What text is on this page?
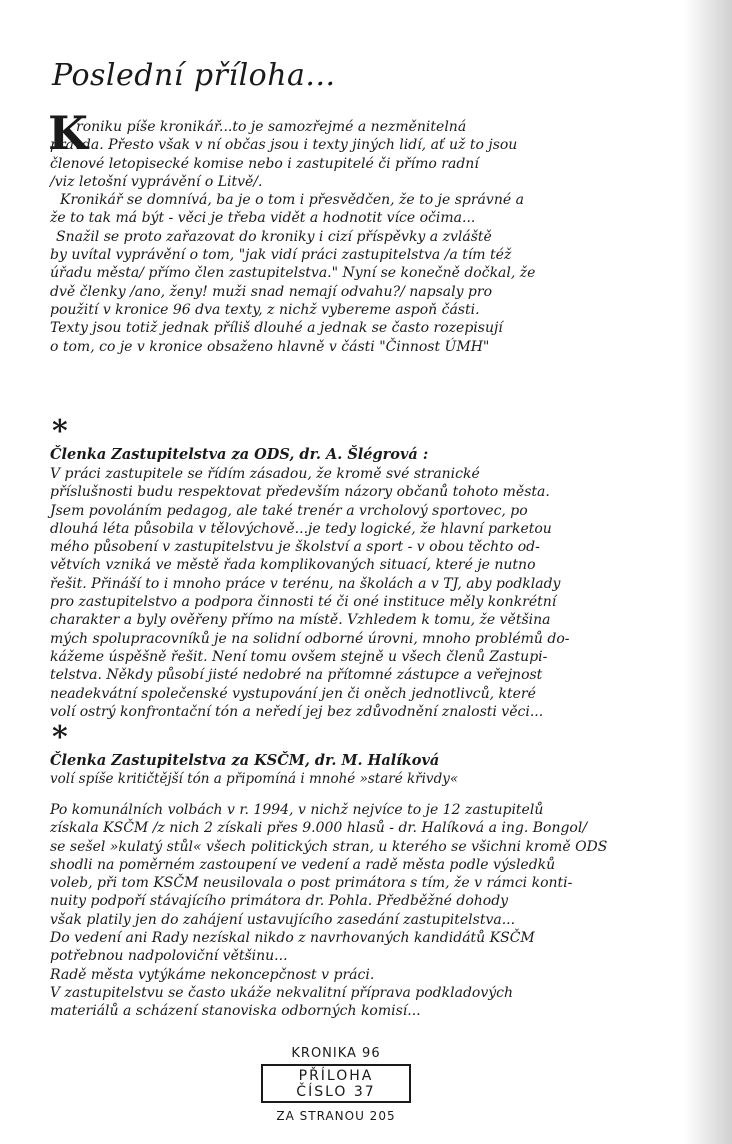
Poslední příloha...
K

roniku píše kronikář...to je samozřejmé a nezměnitelná

pravda. Přesto však v ní občas jsou i texty jiných lidí, ať už to jsou

členové letopisecké komise nebo i zastupitelé či přímo radní

/viz letošní vyprávění o Litvě/.

Kronikář se domnívá, ba je o tom i přesvědčen, že to je správné a

že to tak má být - věci je třeba vidět a hodnotit více očima...

Snažil se proto zařazovat do kroniky i cizí příspěvky a zvláště

by uvítal vyprávění o tom, "jak vidí práci zastupitelstva /a tím též

úřadu města/ přímo člen zastupitelstva." Nyní se konečně dočkal, že

dvě členky /ano, ženy! muži snad nemají odvahu?/ napsaly pro

použití v kronice 96 dva texty, z nichž vybereme aspoň části.

Texty jsou totiž jednak příliš dlouhé a jednak se často rozepisují

o tom, co je v kronice obsaženo hlavně v části "Činnost ÚMH"

*
Členka Zastupitelstva za ODS, dr. A. Šlégrová :

V práci zastupitele se řídím zásadou, že kromě své stranické

příslušnosti budu respektovat především názory občanů tohoto města.

Jsem povoláním pedagog, ale také trenér a vrcholový sportovec, po

dlouhá léta působila v tělovýchově...je tedy logické, že hlavní parketou

mého působení v zastupitelstvu je školství a sport - v obou těchto od-

větvích vzniká ve městě řada komplikovaných situací, které je nutno

řešit. Přináší to i mnoho práce v terénu, na školách a v TJ, aby podklady

pro zastupitelstvo a podpora činnosti té či oné instituce měly konkrétní

charakter a byly ověřeny přímo na místě. Vzhledem k tomu, že většina

mých spolupracovníků je na solidní odborné úrovni, mnoho problémů do-

kážeme úspěšně řešit. Není tomu ovšem stejně u všech členů Zastupi-

telstva. Někdy působí jisté nedobré na přítomné zástupce a veřejnost

neadekvátní společenské vystupování jen či oněch jednotlivců, které

volí ostrý konfrontační tón a neředí jej bez zdůvodnění znalosti věci...

*
Členka Zastupitelstva za KSČM, dr. M. Halíková
volí spíše kritičtější tón a připomíná i mnohé »staré křivdy«

Po komunálních volbách v r. 1994, v nichž nejvíce to je 12 zastupitelů

získala KSČM /z nich 2 získali přes 9.000 hlasů - dr. Halíková a ing. Bongol/

se sešel »kulatý stůl« všech politických stran, u kterého se všichni kromě ODS

shodli na poměrném zastoupení ve vedení a radě města podle výsledků

voleb, při tom KSČM neusilovala o post primátora s tím, že v rámci konti-

nuity podpoří stávajícího primátora dr. Pohla. Předběžné dohody

však platily jen do zahájení ustavujícího zasedání zastupitelstva...

Do vedení ani Rady nezískal nikdo z navrhovaných kandidátů KSČM

potřebnou nadpoloviční většinu...

Radě města vytýkáme nekoncepčnost v práci.

V zastupitelstvu se často ukáže nekvalitní příprava podkladových

materiálů a scházení stanoviska odborných komisí...

KRONIKA 96
PŘÍLOHA
ČÍSLO 37
ZA STRANOU 205
